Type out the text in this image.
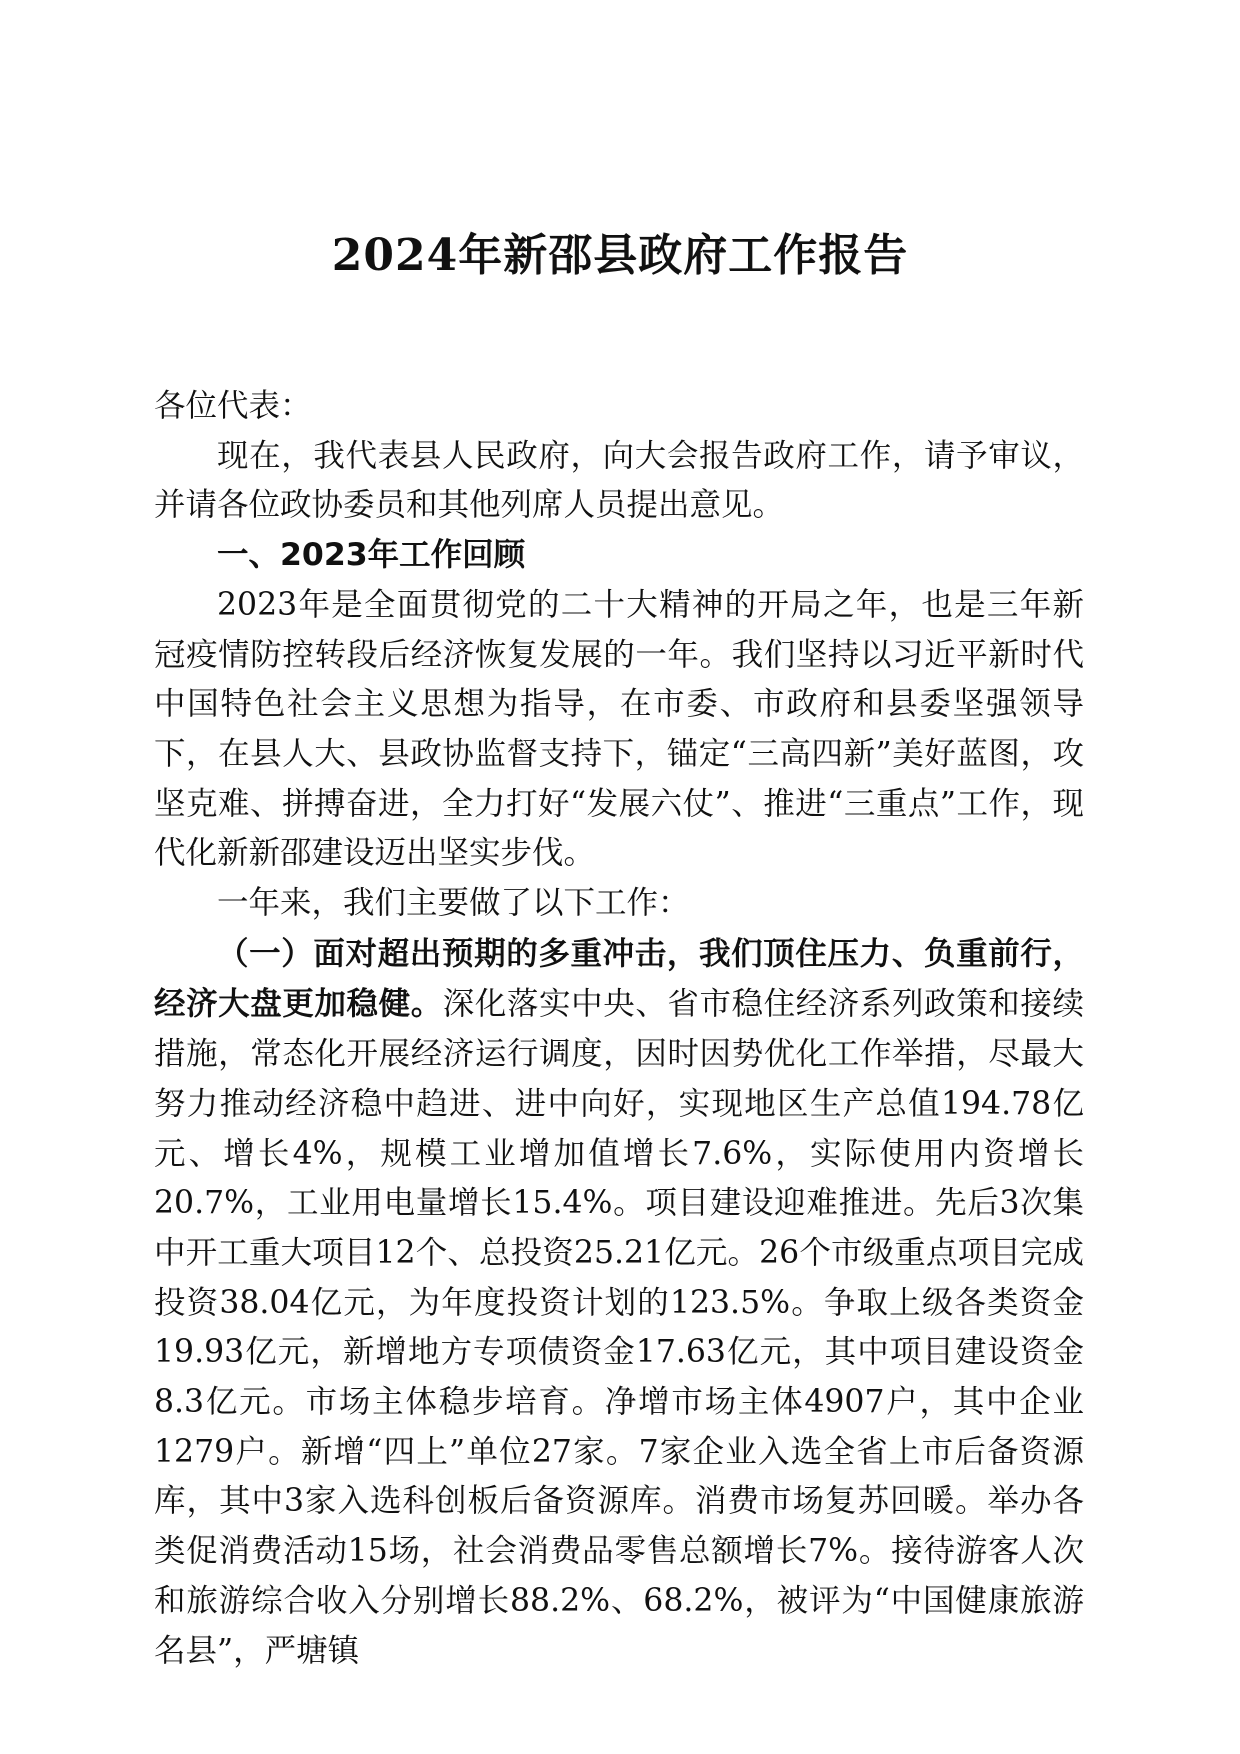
2024年新邵县政府工作报告

各位代表：

现在，我代表县人民政府，向大会报告政府工作，请予审议，并请各位政协委员和其他列席人员提出意见。

一、2023年工作回顾

2023年是全面贯彻党的二十大精神的开局之年，也是三年新冠疫情防控转段后经济恢复发展的一年。我们坚持以习近平新时代中国特色社会主义思想为指导，在市委、市政府和县委坚强领导下，在县人大、县政协监督支持下，锚定“三高四新”美好蓝图，攻坚克难、拼搏奋进，全力打好“发展六仗”、推进“三重点”工作，现代化新新邵建设迈出坚实步伐。

一年来，我们主要做了以下工作：

（一）面对超出预期的多重冲击，我们顶住压力、负重前行，经济大盘更加稳健。深化落实中央、省市稳住经济系列政策和接续措施，常态化开展经济运行调度，因时因势优化工作举措，尽最大努力推动经济稳中趋进、进中向好，实现地区生产总值194.78亿元、增长4%，规模工业增加值增长7.6%，实际使用内资增长20.7%，工业用电量增长15.4%。项目建设迎难推进。先后3次集中开工重大项目12个、总投资25.21亿元。26个市级重点项目完成投资38.04亿元，为年度投资计划的123.5%。争取上级各类资金19.93亿元，新增地方专项债资金17.63亿元，其中项目建设资金8.3亿元。市场主体稳步培育。净增市场主体4907户，其中企业1279户。新增“四上”单位27家。7家企业入选全省上市后备资源库，其中3家入选科创板后备资源库。消费市场复苏回暖。举办各类促消费活动15场，社会消费品零售总额增长7%。接待游客人次和旅游综合收入分别增长88.2%、68.2%，被评为“中国健康旅游名县”，严塘镇
